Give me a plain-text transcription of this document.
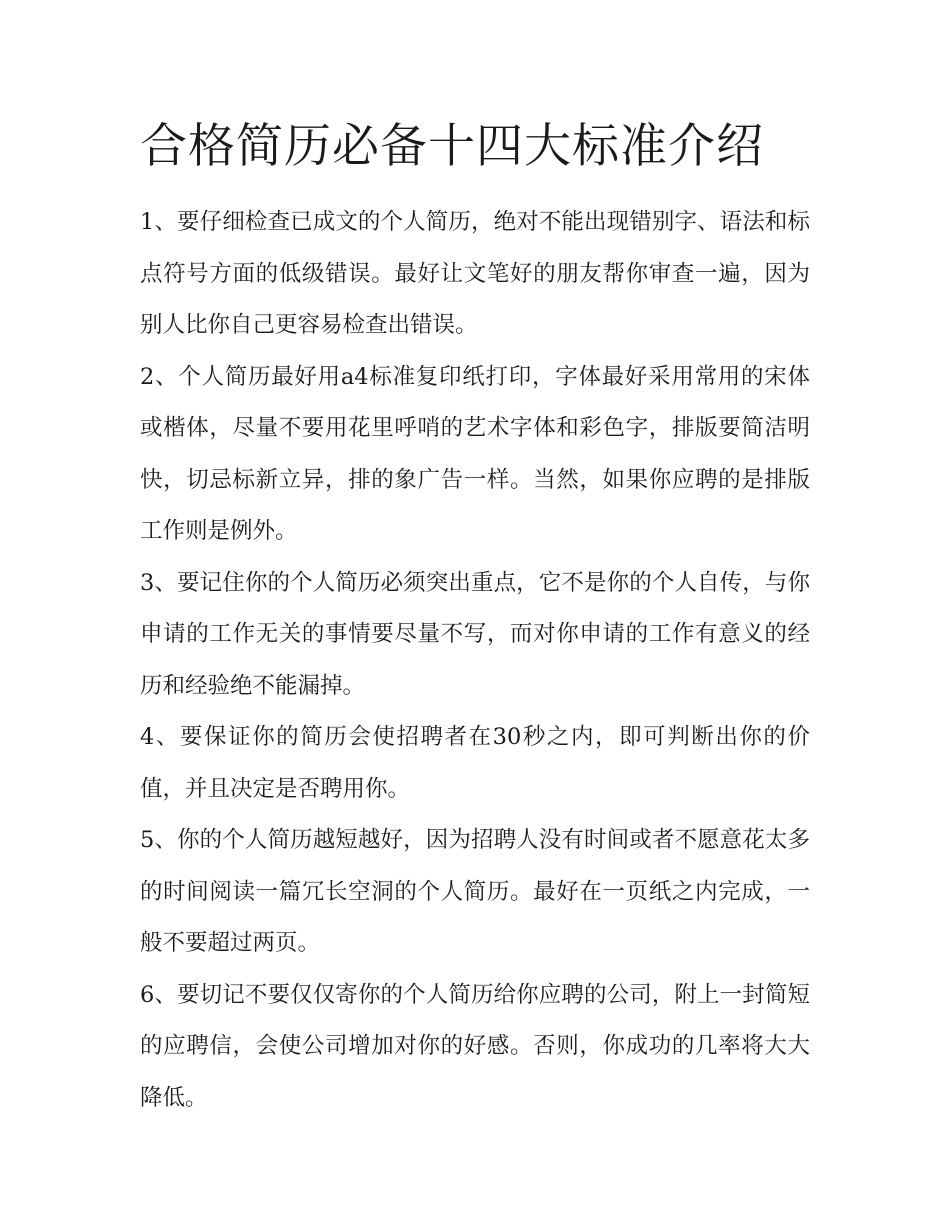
合格简历必备十四大标准介绍

1、要仔细检查已成文的个人简历，绝对不能出现错别字、语法和标点符号方面的低级错误。最好让文笔好的朋友帮你审查一遍，因为别人比你自己更容易检查出错误。

2、个人简历最好用a4标准复印纸打印，字体最好采用常用的宋体或楷体，尽量不要用花里呼哨的艺术字体和彩色字，排版要简洁明快，切忌标新立异，排的象广告一样。当然，如果你应聘的是排版工作则是例外。

3、要记住你的个人简历必须突出重点，它不是你的个人自传，与你申请的工作无关的事情要尽量不写，而对你申请的工作有意义的经历和经验绝不能漏掉。

4、要保证你的简历会使招聘者在30秒之内，即可判断出你的价值，并且决定是否聘用你。

5、你的个人简历越短越好，因为招聘人没有时间或者不愿意花太多的时间阅读一篇冗长空洞的个人简历。最好在一页纸之内完成，一般不要超过两页。

6、要切记不要仅仅寄你的个人简历给你应聘的公司，附上一封简短的应聘信，会使公司增加对你的好感。否则，你成功的几率将大大降低。
